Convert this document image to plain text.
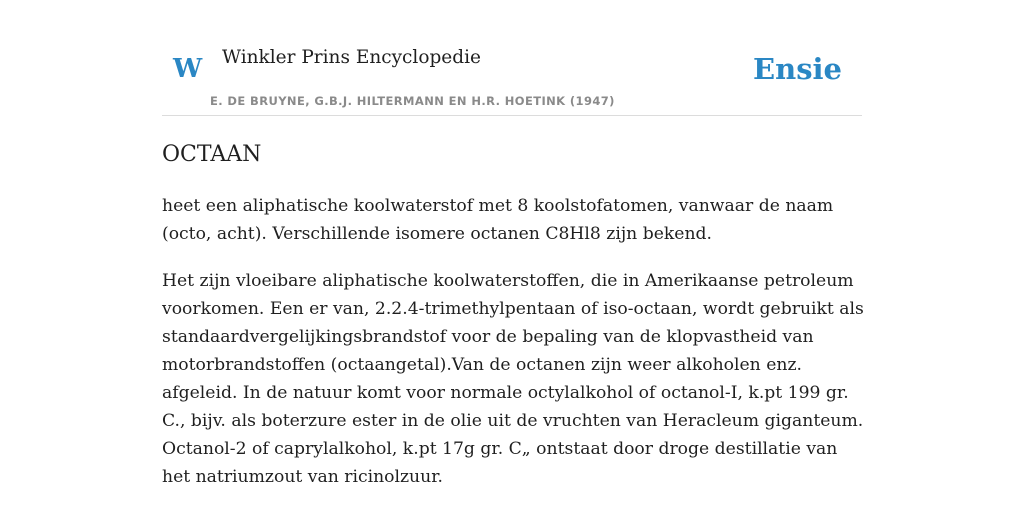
W Winkler Prins Encyclopedie	Ensie
E. DE BRUYNE, G.B.J. HILTERMANN EN H.R. HOETINK (1947)
OCTAAN

heet een aliphatische koolwaterstof met 8 koolstofatomen, vanwaar de naam (octo, acht). Verschillende isomere octanen C8Hl8 zijn bekend.

Het zijn vloeibare aliphatische koolwaterstoffen, die in Amerikaanse petroleum voorkomen. Een er van, 2.2.4-trimethylpentaan of iso-octaan, wordt gebruikt als standaardvergelijkingsbrandstof voor de bepaling van de klopvastheid van motorbrandstoffen (octaangetal).Van de octanen zijn weer alkoholen enz. afgeleid. In de natuur komt voor normale octylalkohol of octanol-I, k.pt 199 gr. C., bijv. als boterzure ester in de olie uit de vruchten van Heracleum giganteum. Octanol-2 of caprylalkohol, k.pt 17g gr. C„ ontstaat door droge destillatie van het natriumzout van ricinolzuur.
